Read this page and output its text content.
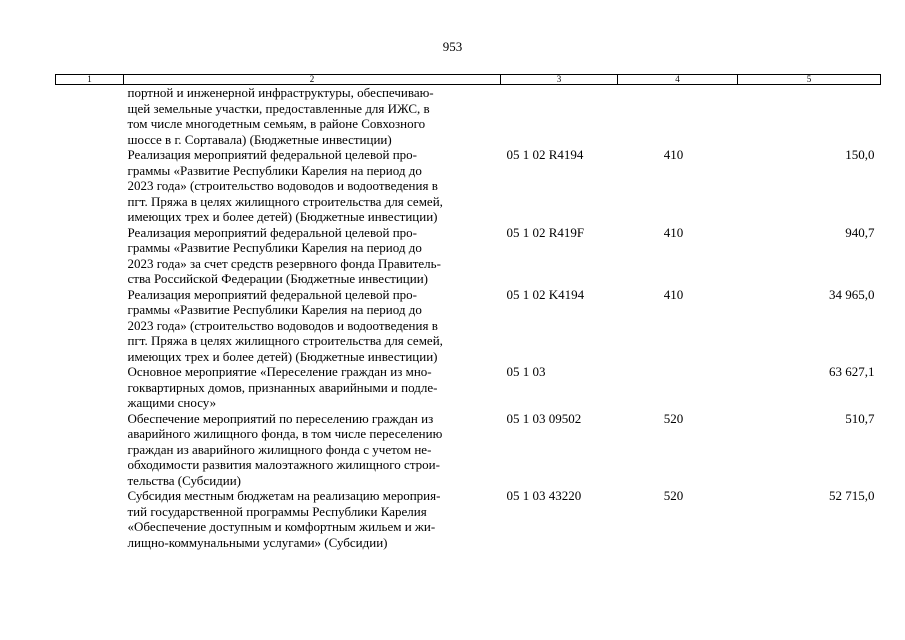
953
1	2	3	4	5

	портной и инженерной инфраструктуры, обеспечиваю-
щей земельные участки, предоставленные для ИЖС, в
том числе многодетным семьям, в районе Совхозного
шоссе в г. Сортавала) (Бюджетные инвестиции)			

	Реализация мероприятий федеральной целевой про-
граммы «Развитие Республики Карелия на период до
2023 года» (строительство водоводов и водоотведения в
пгт. Пряжа в целях жилищного строительства для семей,
имеющих трех и более детей) (Бюджетные инвестиции)	05 1 02 R4194	410	150,0

	Реализация мероприятий федеральной целевой про-
граммы «Развитие Республики Карелия на период до
2023 года» за счет средств резервного фонда Правитель-
ства Российской Федерации (Бюджетные инвестиции)	05 1 02 R419F	410	940,7

	Реализация мероприятий федеральной целевой про-
граммы «Развитие Республики Карелия на период до
2023 года» (строительство водоводов и водоотведения в
пгт. Пряжа в целях жилищного строительства для семей,
имеющих трех и более детей) (Бюджетные инвестиции)	05 1 02 K4194	410	34 965,0

	Основное мероприятие «Переселение граждан из мно-
гоквартирных домов, признанных аварийными и подле-
жащими сносу»	05 1 03		63 627,1

	Обеспечение мероприятий по переселению граждан из
аварийного жилищного фонда, в том числе переселению
граждан из аварийного жилищного фонда с учетом не-
обходимости развития малоэтажного жилищного строи-
тельства (Субсидии)	05 1 03 09502	520	510,7

	Субсидия местным бюджетам на реализацию мероприя-
тий государственной программы Республики Карелия
«Обеспечение доступным и комфортным жильем и жи-
лищно-коммунальными услугами» (Субсидии)	05 1 03 43220	520	52 715,0
